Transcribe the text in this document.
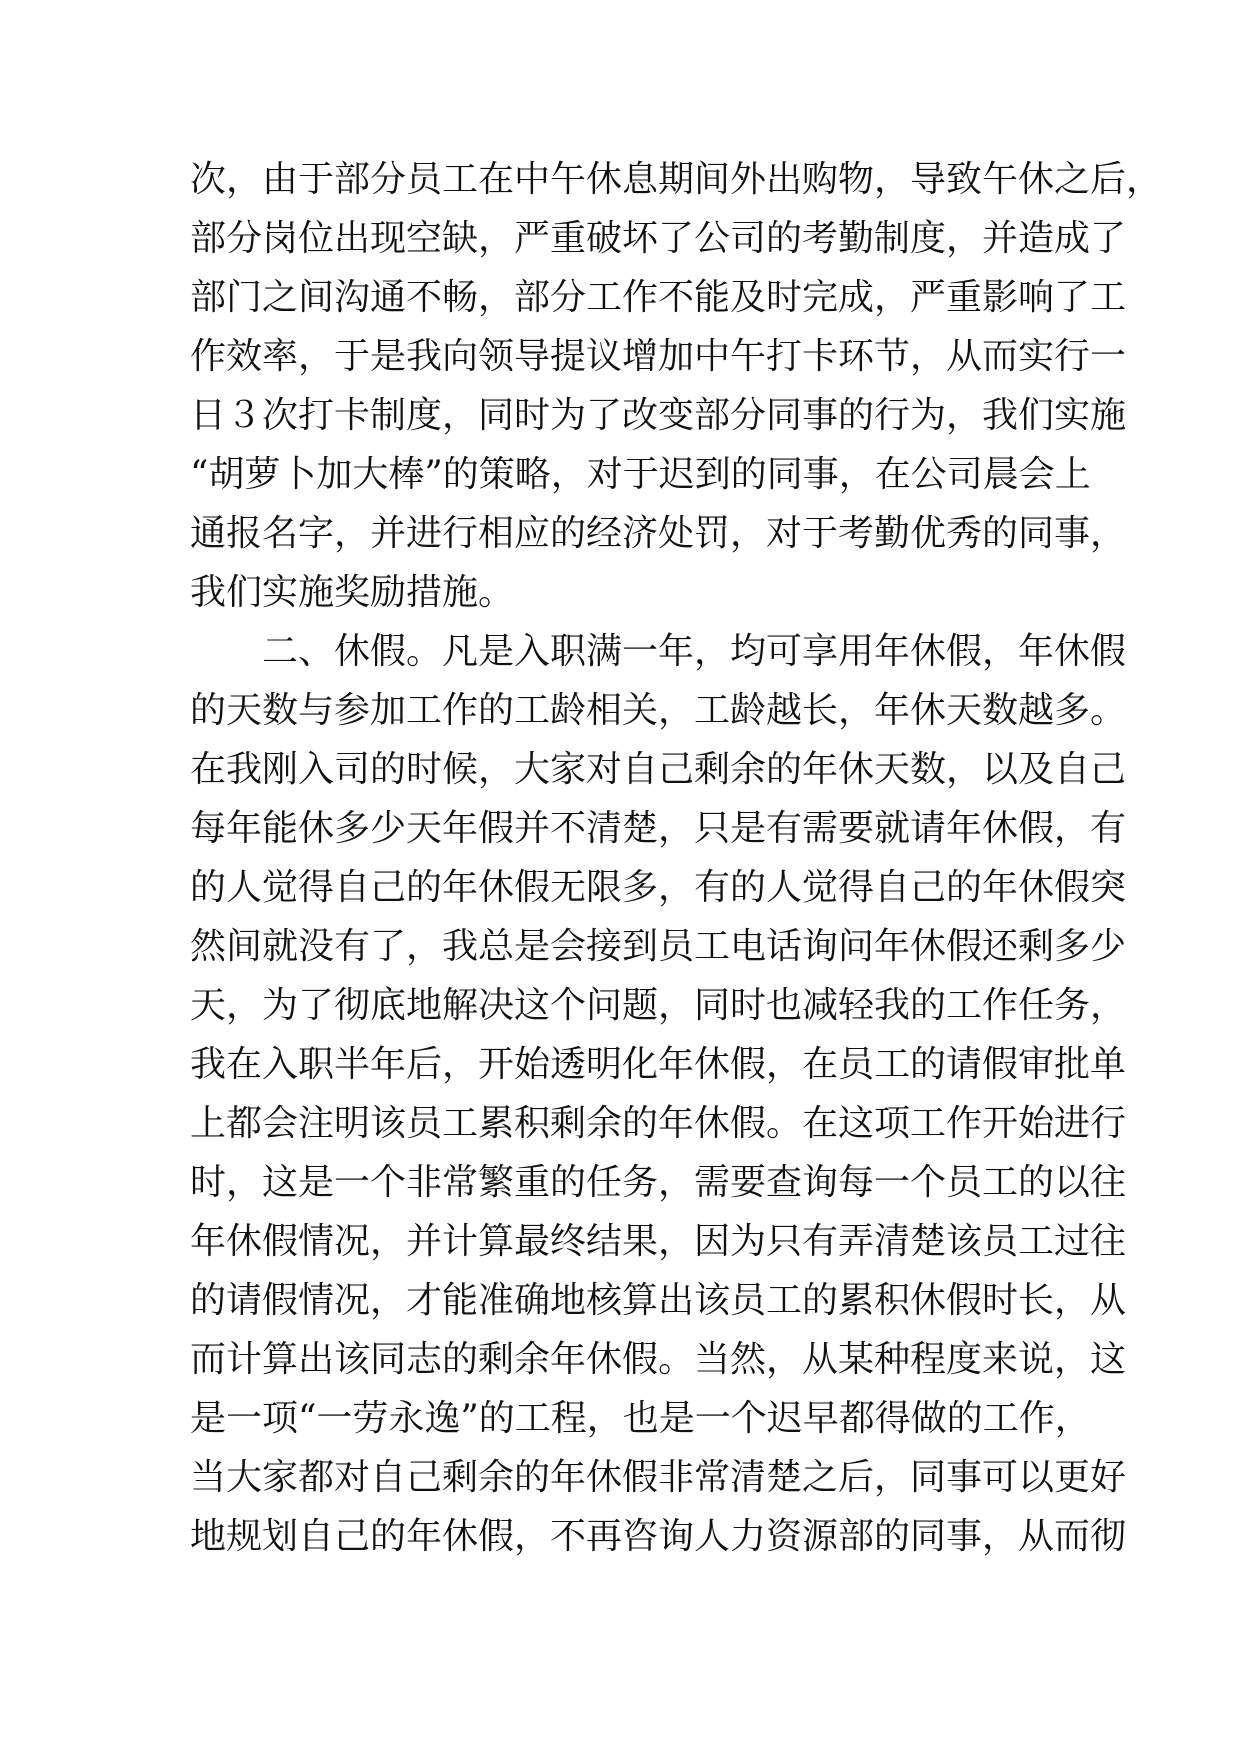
次，由于部分员工在中午休息期间外出购物，导致午休之后，

部分岗位出现空缺，严重破坏了公司的考勤制度，并造成了

部门之间沟通不畅，部分工作不能及时完成，严重影响了工

作效率，于是我向领导提议增加中午打卡环节，从而实行一

日３次打卡制度，同时为了改变部分同事的行为，我们实施

“胡萝卜加大棒”的策略，对于迟到的同事，在公司晨会上

通报名字，并进行相应的经济处罚，对于考勤优秀的同事，

我们实施奖励措施。

二、休假。凡是入职满一年，均可享用年休假，年休假

的天数与参加工作的工龄相关，工龄越长，年休天数越多。

在我刚入司的时候，大家对自己剩余的年休天数，以及自己

每年能休多少天年假并不清楚，只是有需要就请年休假，有

的人觉得自己的年休假无限多，有的人觉得自己的年休假突

然间就没有了，我总是会接到员工电话询问年休假还剩多少

天，为了彻底地解决这个问题，同时也减轻我的工作任务，

我在入职半年后，开始透明化年休假，在员工的请假审批单

上都会注明该员工累积剩余的年休假。在这项工作开始进行

时，这是一个非常繁重的任务，需要查询每一个员工的以往

年休假情况，并计算最终结果，因为只有弄清楚该员工过往

的请假情况，才能准确地核算出该员工的累积休假时长，从

而计算出该同志的剩余年休假。当然，从某种程度来说，这

是一项“一劳永逸”的工程，也是一个迟早都得做的工作，

当大家都对自己剩余的年休假非常清楚之后，同事可以更好

地规划自己的年休假，不再咨询人力资源部的同事，从而彻
